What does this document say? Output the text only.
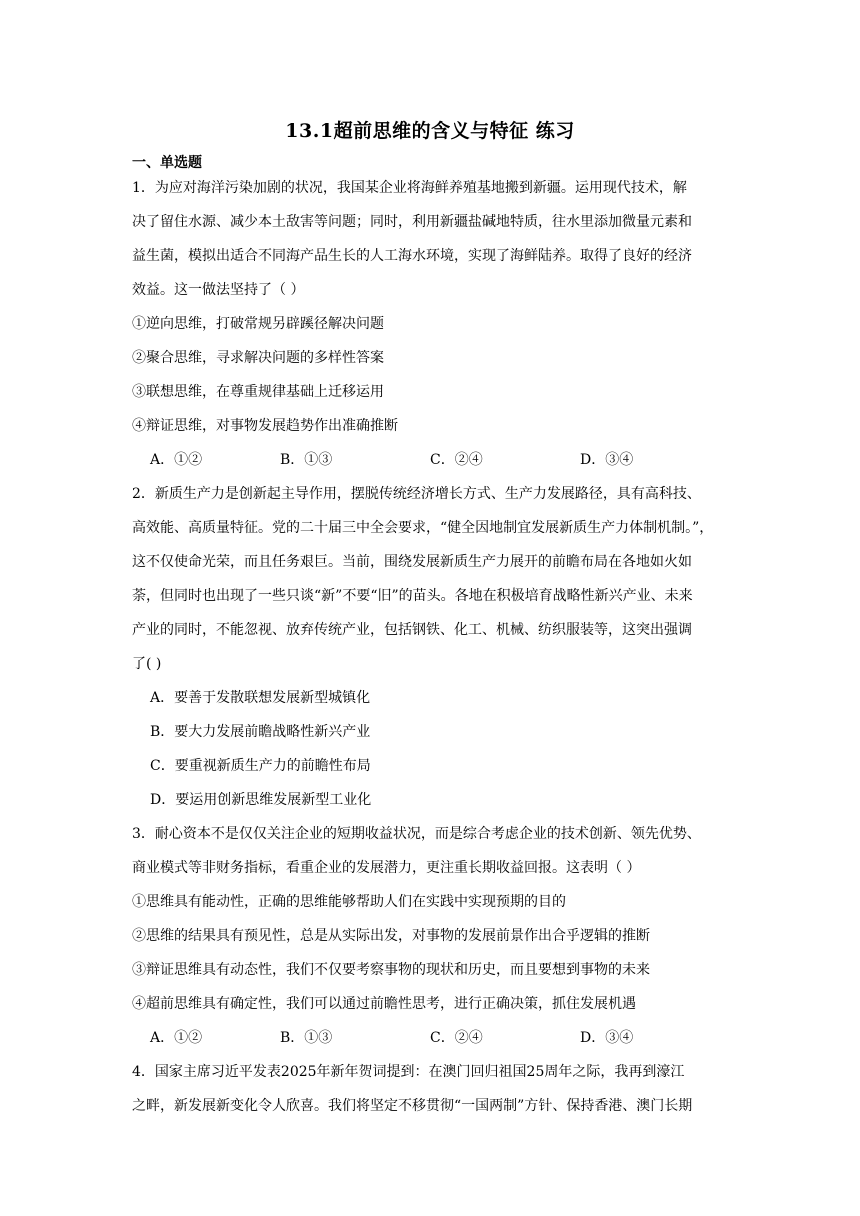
13.1超前思维的含义与特征 练习
一、单选题
1．为应对海洋污染加剧的状况，我国某企业将海鲜养殖基地搬到新疆。运用现代技术，解
决了留住水源、减少本土敌害等问题；同时，利用新疆盐碱地特质，往水里添加微量元素和
益生菌，模拟出适合不同海产品生长的人工海水环境，实现了海鲜陆养。取得了良好的经济
效益。这一做法坚持了（ ）
①逆向思维，打破常规另辟蹊径解决问题
②聚合思维，寻求解决问题的多样性答案
③联想思维，在尊重规律基础上迁移运用
④辩证思维，对事物发展趋势作出准确推断
A．①②	B．①③	C．②④	D．③④
2．新质生产力是创新起主导作用，摆脱传统经济增长方式、生产力发展路径，具有高科技、
高效能、高质量特征。党的二十届三中全会要求，“健全因地制宜发展新质生产力体制机制。”，
这不仅使命光荣，而且任务艰巨。当前，围绕发展新质生产力展开的前瞻布局在各地如火如
荼，但同时也出现了一些只谈“新”不要“旧”的苗头。各地在积极培育战略性新兴产业、未来
产业的同时，不能忽视、放弃传统产业，包括钢铁、化工、机械、纺织服装等，这突出强调
了( )
A．要善于发散联想发展新型城镇化
B．要大力发展前瞻战略性新兴产业
C．要重视新质生产力的前瞻性布局
D．要运用创新思维发展新型工业化
3．耐心资本不是仅仅关注企业的短期收益状况，而是综合考虑企业的技术创新、领先优势、
商业模式等非财务指标，看重企业的发展潜力，更注重长期收益回报。这表明（ ）
①思维具有能动性，正确的思维能够帮助人们在实践中实现预期的目的
②思维的结果具有预见性，总是从实际出发，对事物的发展前景作出合乎逻辑的推断
③辩证思维具有动态性，我们不仅要考察事物的现状和历史，而且要想到事物的未来
④超前思维具有确定性，我们可以通过前瞻性思考，进行正确决策，抓住发展机遇
A．①②	B．①③	C．②④	D．③④
4．国家主席习近平发表2025年新年贺词提到：在澳门回归祖国25周年之际，我再到濠江
之畔，新发展新变化令人欣喜。我们将坚定不移贯彻“一国两制”方针、保持香港、澳门长期
